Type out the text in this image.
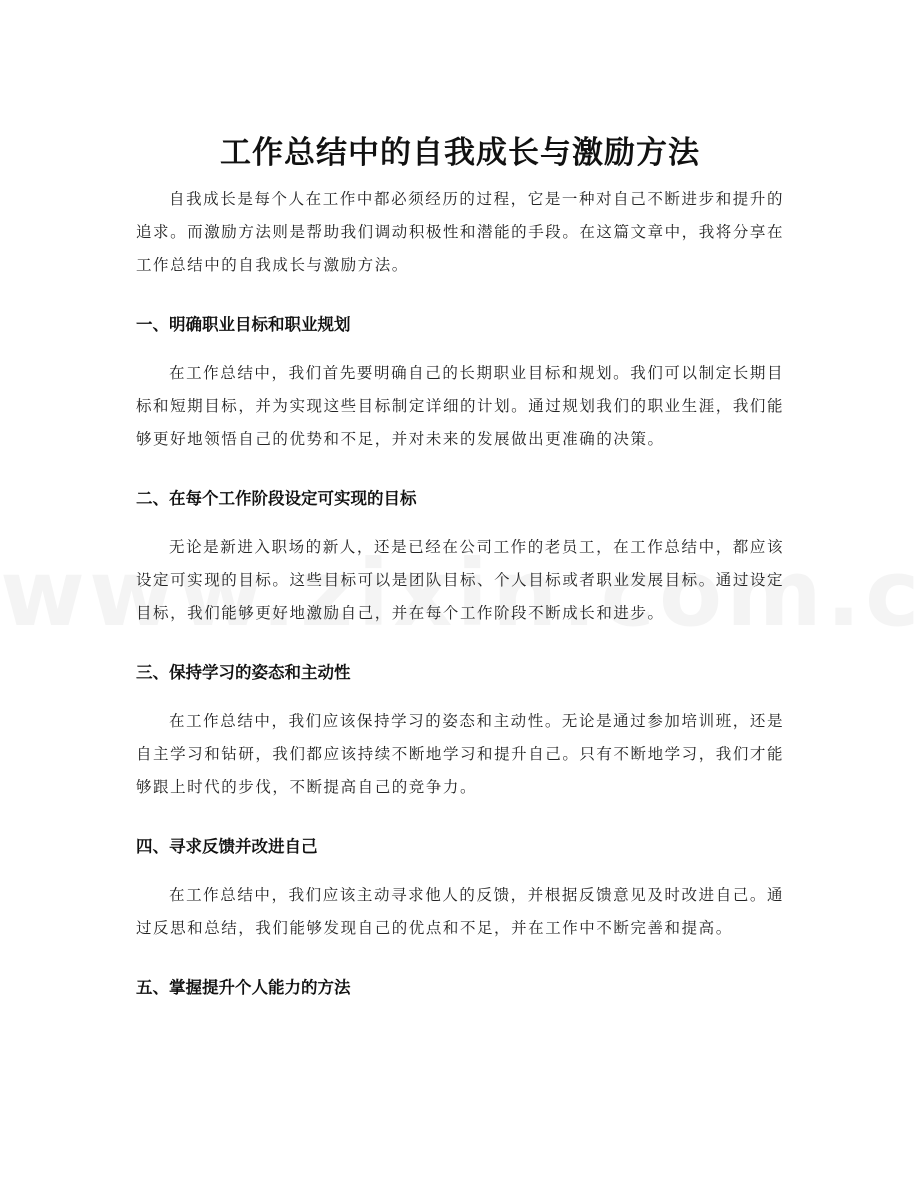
工作总结中的自我成长与激励方法

自我成长是每个人在工作中都必须经历的过程，它是一种对自己不断进步和提升的追求。而激励方法则是帮助我们调动积极性和潜能的手段。在这篇文章中，我将分享在工作总结中的自我成长与激励方法。

一、明确职业目标和职业规划

在工作总结中，我们首先要明确自己的长期职业目标和规划。我们可以制定长期目标和短期目标，并为实现这些目标制定详细的计划。通过规划我们的职业生涯，我们能够更好地领悟自己的优势和不足，并对未来的发展做出更准确的决策。

二、在每个工作阶段设定可实现的目标

无论是新进入职场的新人，还是已经在公司工作的老员工，在工作总结中，都应该设定可实现的目标。这些目标可以是团队目标、个人目标或者职业发展目标。通过设定目标，我们能够更好地激励自己，并在每个工作阶段不断成长和进步。

三、保持学习的姿态和主动性

在工作总结中，我们应该保持学习的姿态和主动性。无论是通过参加培训班，还是自主学习和钻研，我们都应该持续不断地学习和提升自己。只有不断地学习，我们才能够跟上时代的步伐，不断提高自己的竞争力。

四、寻求反馈并改进自己

在工作总结中，我们应该主动寻求他人的反馈，并根据反馈意见及时改进自己。通过反思和总结，我们能够发现自己的优点和不足，并在工作中不断完善和提高。

五、掌握提升个人能力的方法
